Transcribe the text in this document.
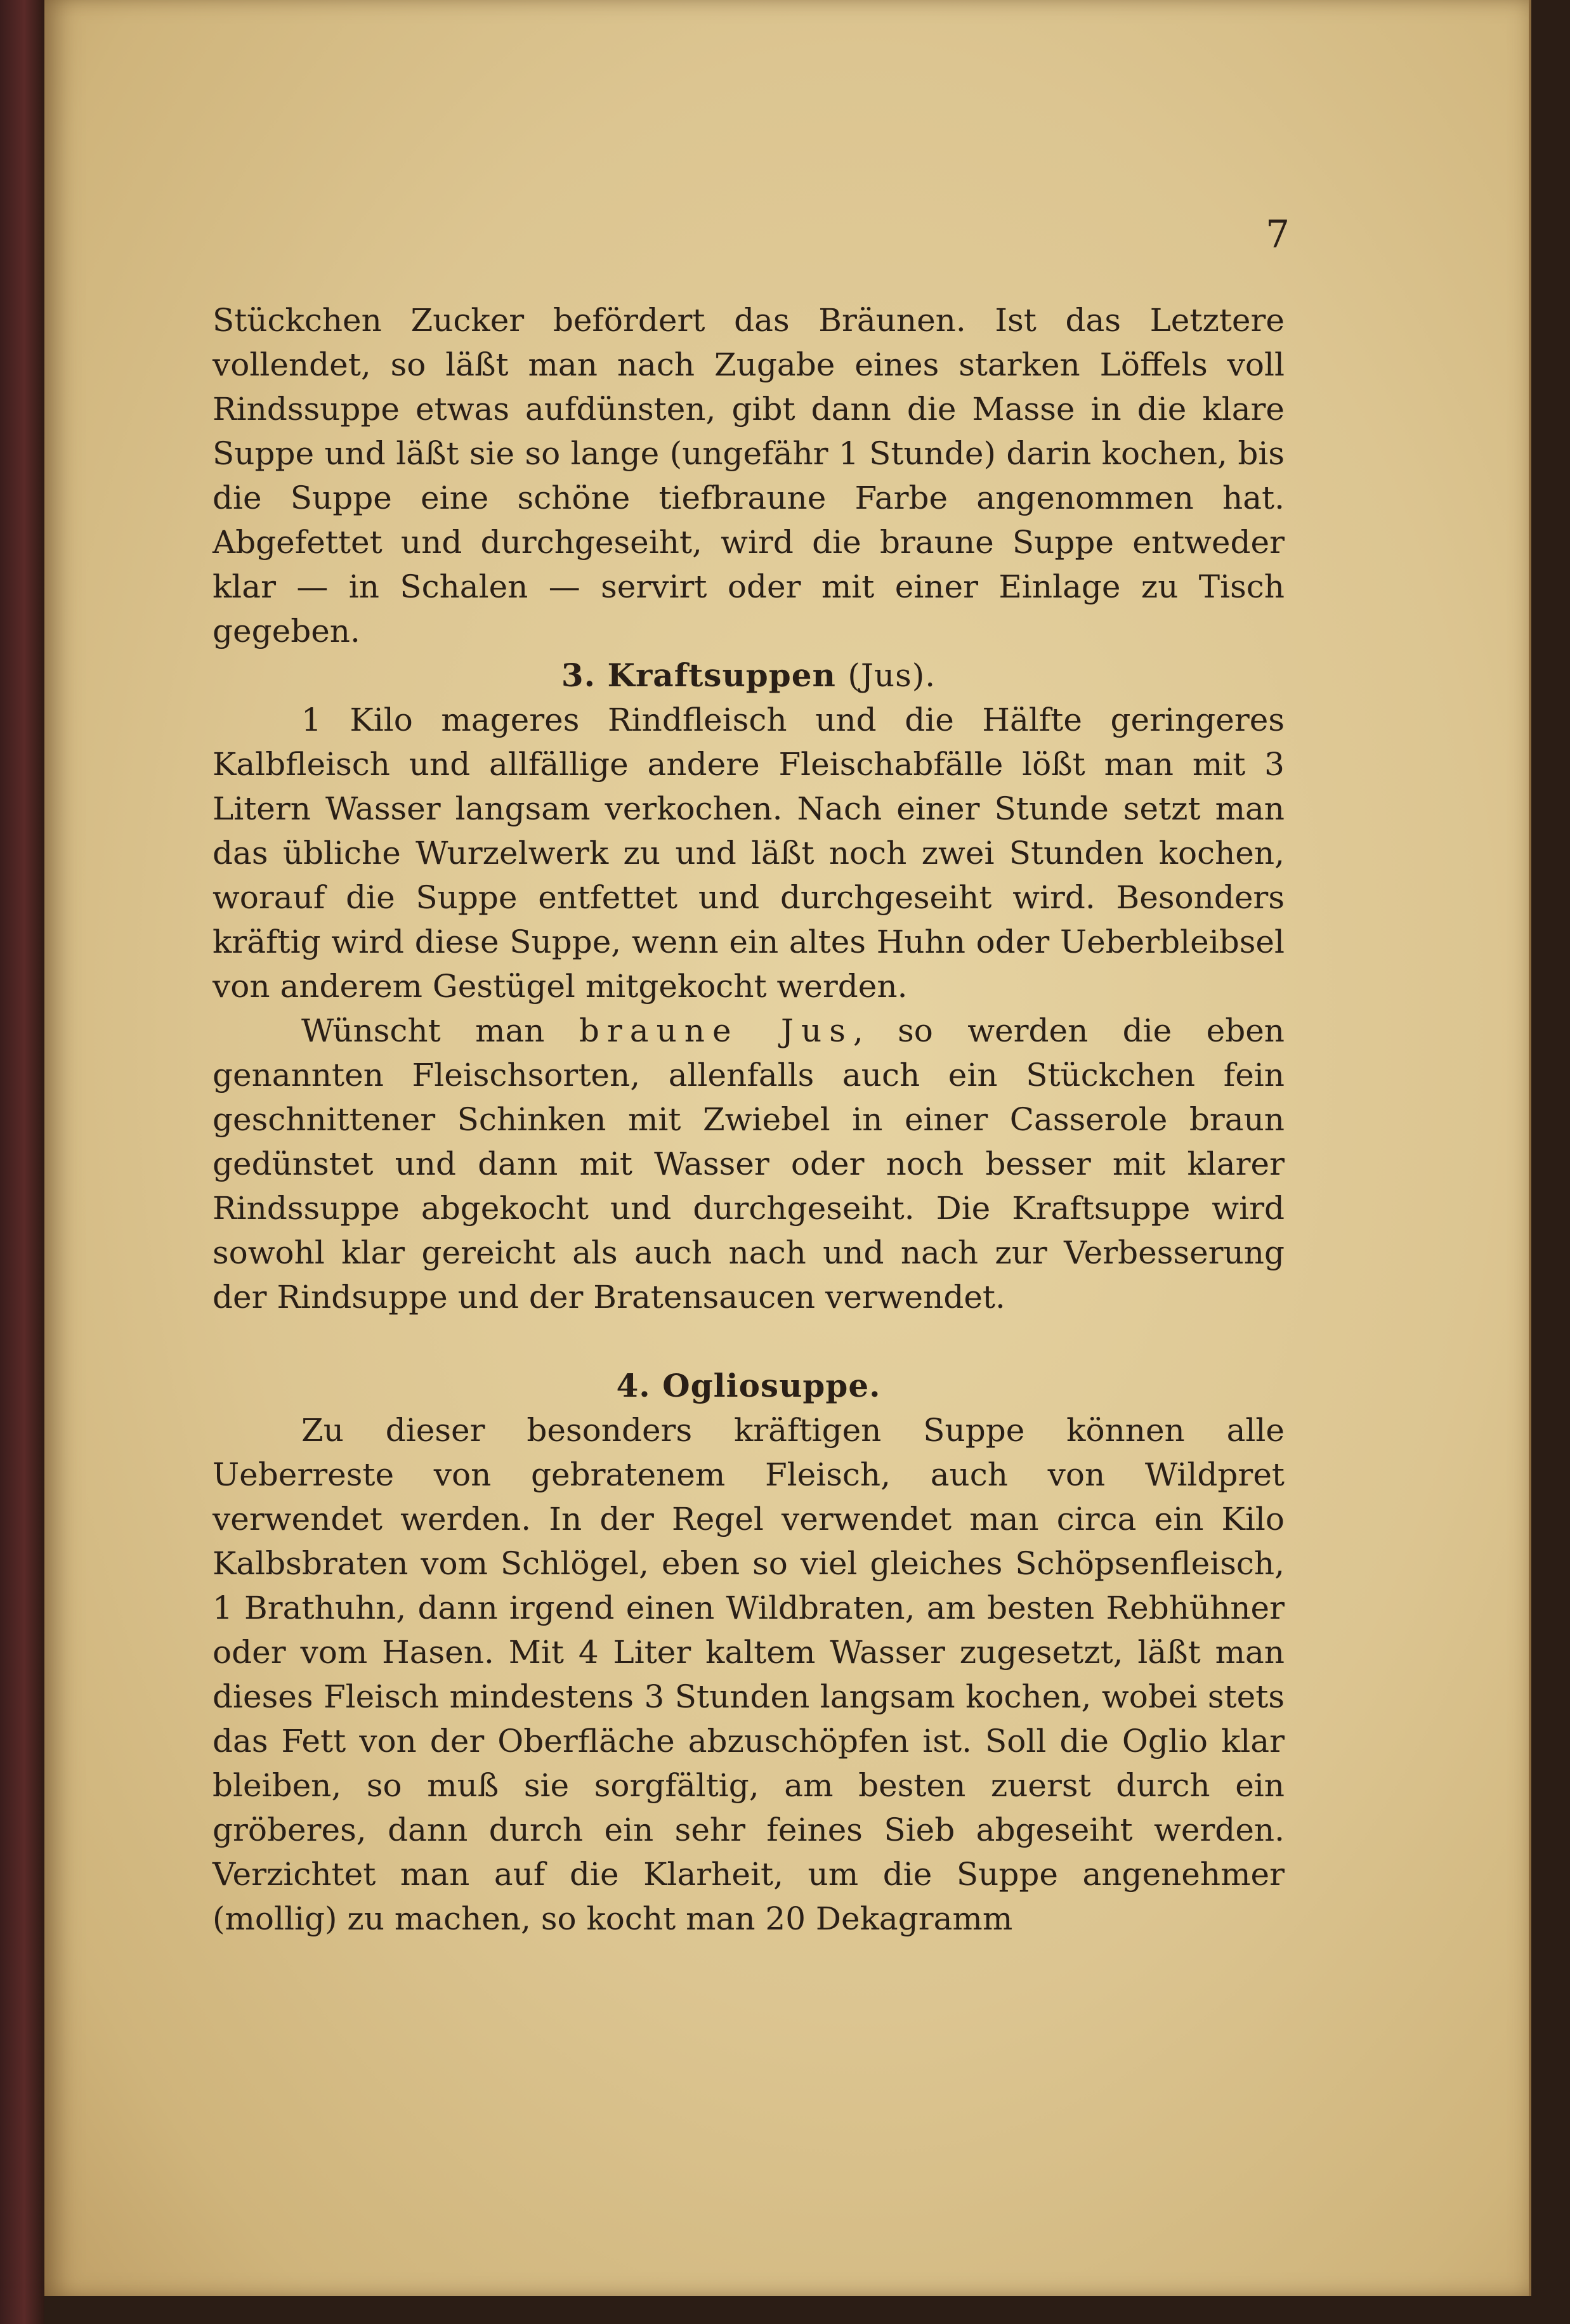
7

Stückchen Zucker befördert das Bräunen. Ist das Letztere vollendet, so läßt man nach Zugabe eines starken Löffels voll Rindssuppe etwas aufdünsten, gibt dann die Masse in die klare Suppe und läßt sie so lange (ungefähr 1 Stunde) darin kochen, bis die Suppe eine schöne tiefbraune Farbe angenommen hat. Abgefettet und durchgeseiht, wird die braune Suppe entweder klar — in Schalen — servirt oder mit einer Einlage zu Tisch gegeben.

3. Kraftsuppen (Jus).

1 Kilo mageres Rindfleisch und die Hälfte geringeres Kalbfleisch und allfällige andere Fleischabfälle lößt man mit 3 Litern Wasser langsam verkochen. Nach einer Stunde setzt man das übliche Wurzelwerk zu und läßt noch zwei Stunden kochen, worauf die Suppe entfettet und durchgeseiht wird. Besonders kräftig wird diese Suppe, wenn ein altes Huhn oder Ueberbleibsel von anderem Gestügel mitgekocht werden.

Wünscht man braune Jus, so werden die eben genannten Fleischsorten, allenfalls auch ein Stückchen fein geschnittener Schinken mit Zwiebel in einer Casserole braun gedünstet und dann mit Wasser oder noch besser mit klarer Rindssuppe abgekocht und durchgeseiht. Die Kraftsuppe wird sowohl klar gereicht als auch nach und nach zur Verbesserung der Rindsuppe und der Bratensaucen verwendet.

4. Ogliosuppe.

Zu dieser besonders kräftigen Suppe können alle Ueberreste von gebratenem Fleisch, auch von Wildpret verwendet werden. In der Regel verwendet man circa ein Kilo Kalbsbraten vom Schlögel, eben so viel gleiches Schöpsenfleisch, 1 Brathuhn, dann irgend einen Wildbraten, am besten Rebhühner oder vom Hasen. Mit 4 Liter kaltem Wasser zugesetzt, läßt man dieses Fleisch mindestens 3 Stunden langsam kochen, wobei stets das Fett von der Oberfläche abzuschöpfen ist. Soll die Oglio klar bleiben, so muß sie sorgfältig, am besten zuerst durch ein gröberes, dann durch ein sehr feines Sieb abgeseiht werden. Verzichtet man auf die Klarheit, um die Suppe angenehmer (mollig) zu machen, so kocht man 20 Dekagramm
